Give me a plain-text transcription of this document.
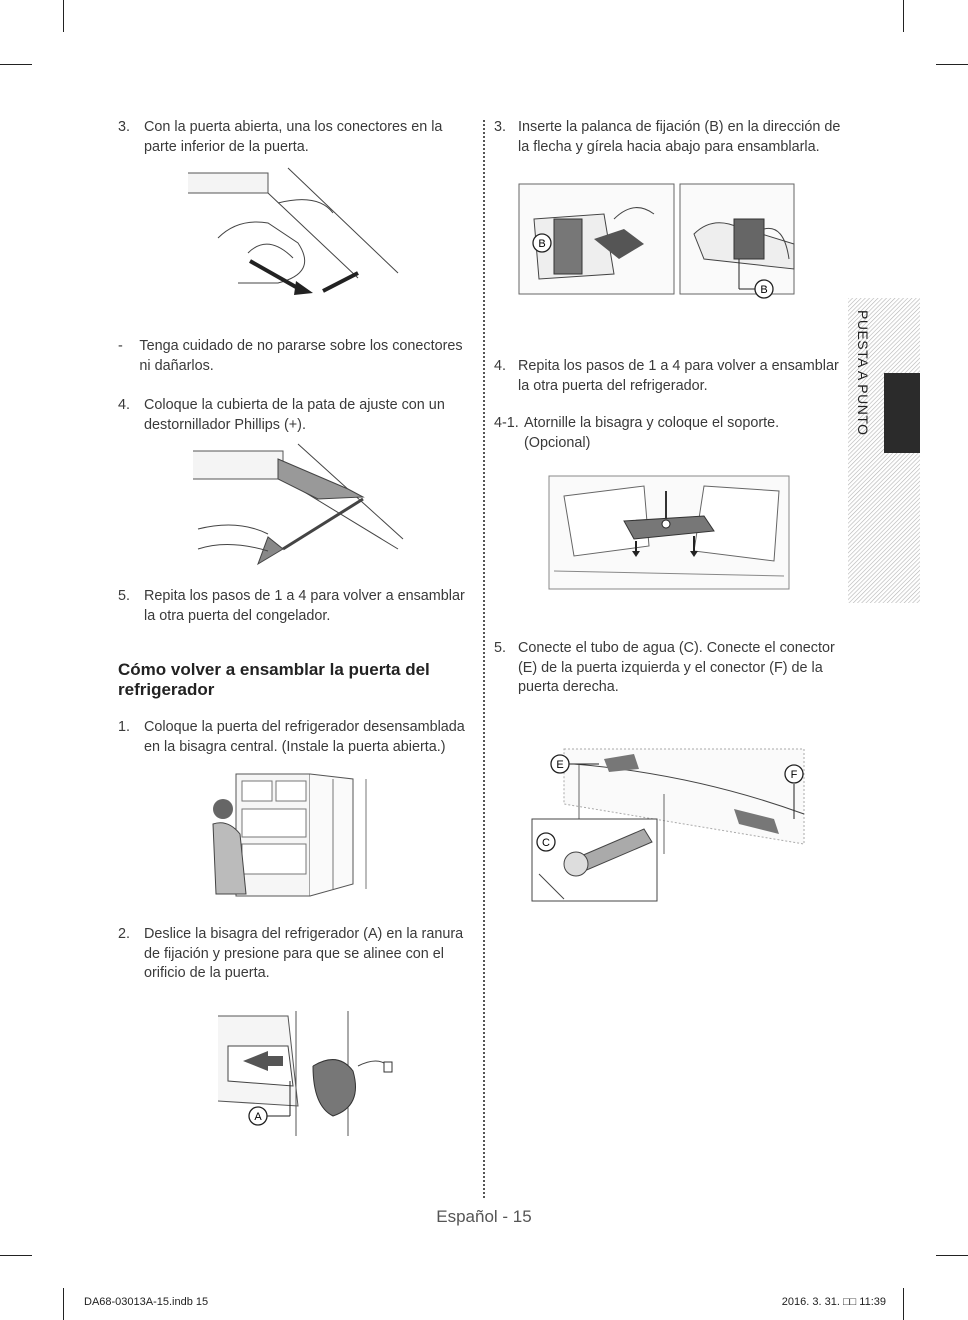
3. Con la puerta abierta, una los conectores en la parte inferior de la puerta.
-	Tenga cuidado de no pararse sobre los conectores ni dañarlos.
4. Coloque la cubierta de la pata de ajuste con un destornillador Phillips (+).
5. Repita los pasos de 1 a 4 para volver a ensamblar la otra puerta del congelador.
Cómo volver a ensamblar la puerta del refrigerador
1. Coloque la puerta del refrigerador desensamblada en la bisagra central. (Instale la puerta abierta.)
2. Deslice la bisagra del refrigerador (A) en la ranura de fijación y presione para que se alinee con el orificio de la puerta.
A
3. Inserte la palanca de fijación (B) en la dirección de la flecha y gírela hacia abajo para ensamblarla.
B
B
4. Repita los pasos de 1 a 4 para volver a ensamblar la otra puerta del refrigerador.
4-1. Atornille la bisagra y coloque el soporte. (Opcional)
5. Conecte el tubo de agua (C). Conecte el conector (E) de la puerta izquierda y el conector (F) de la puerta derecha.
E
F
C
PUESTA A PUNTO
Español - 15
DA68-03013A-15.indb 15	2016. 3. 31. □□ 11:39
